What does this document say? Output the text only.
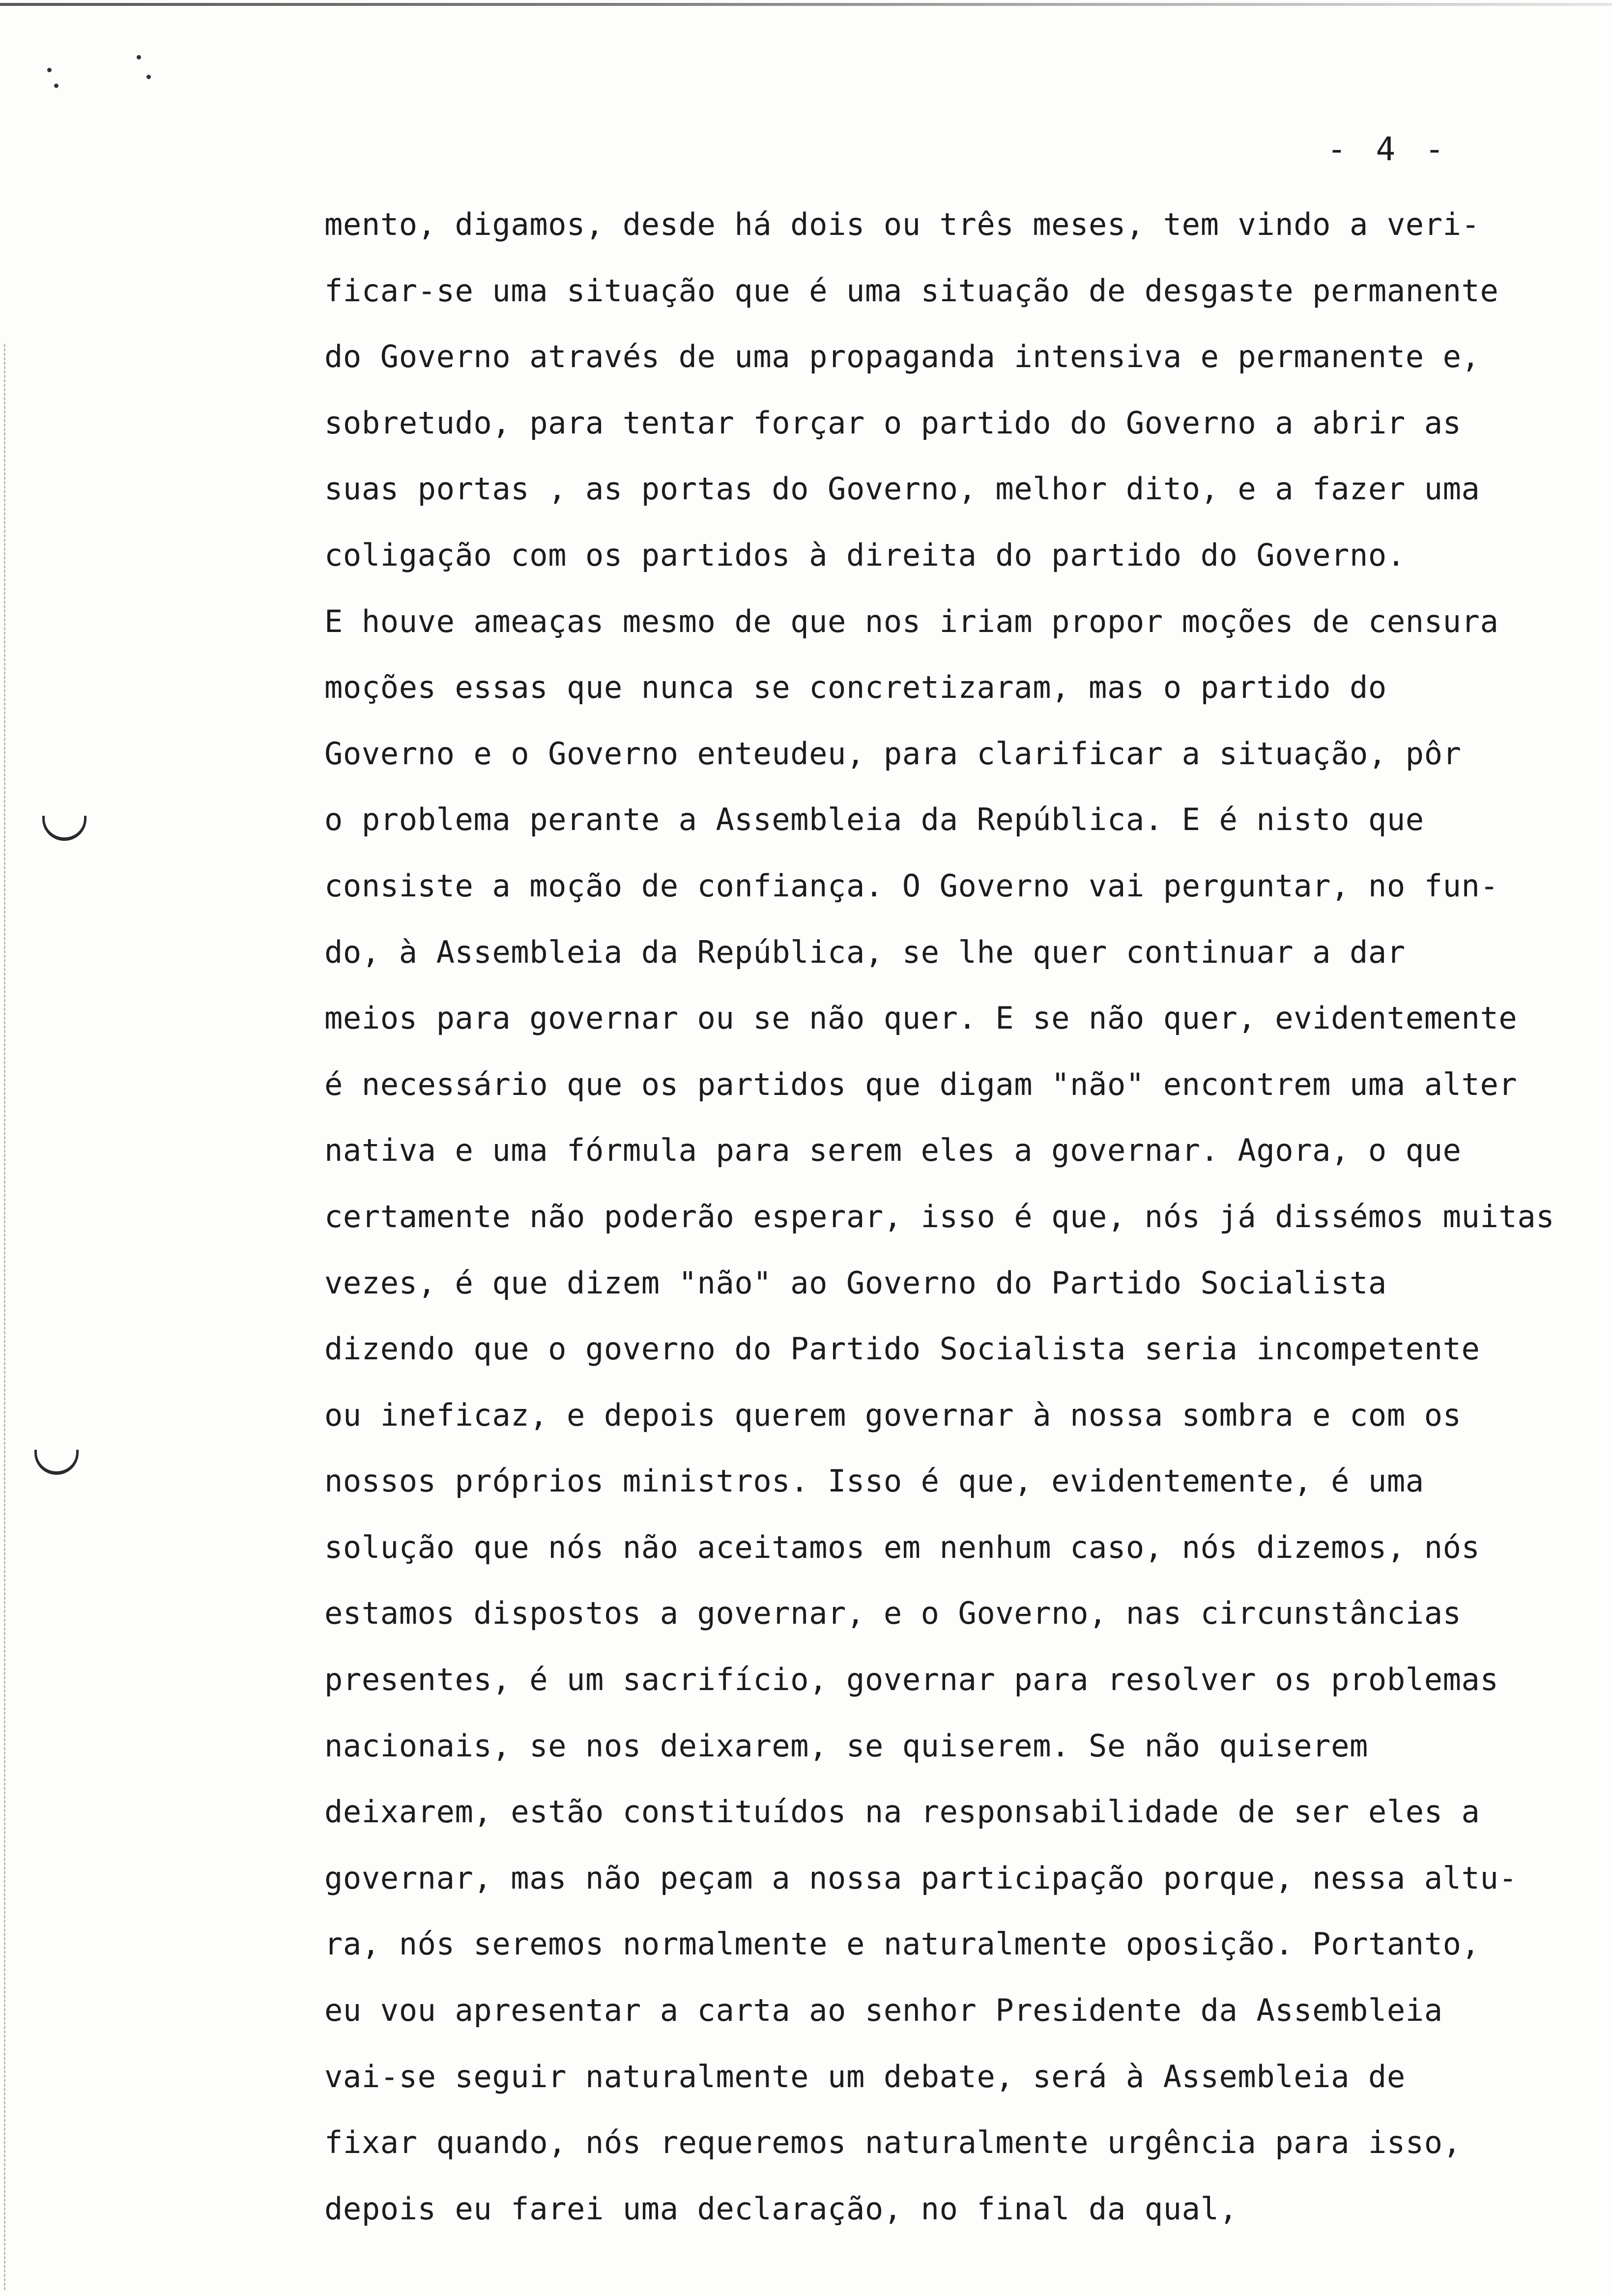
- 4 -
mento, digamos, desde há dois ou três meses, tem vindo a veri-
ficar-se uma situação que é uma situação de desgaste permanente
do Governo através de uma propaganda intensiva e permanente e,
sobretudo, para tentar forçar o partido do Governo a abrir as
suas portas , as portas do Governo, melhor dito, e a fazer uma
coligação com os partidos à direita do partido do Governo.
E houve ameaças mesmo de que nos iriam propor moções de censura
moções essas que nunca se concretizaram, mas o partido do
Governo e o Governo enteudeu, para clarificar a situação, pôr
o problema perante a Assembleia da República. E é nisto que
consiste a moção de confiança. O Governo vai perguntar, no fun-
do, à Assembleia da República, se lhe quer continuar a dar
meios para governar ou se não quer. E se não quer, evidentemente
é necessário que os partidos que digam "não" encontrem uma alter
nativa e uma fórmula para serem eles a governar. Agora, o que
certamente não poderão esperar, isso é que, nós já dissémos muitas
vezes, é que dizem "não" ao Governo do Partido Socialista
dizendo que o governo do Partido Socialista seria incompetente
ou ineficaz, e depois querem governar à nossa sombra e com os
nossos próprios ministros. Isso é que, evidentemente, é uma
solução que nós não aceitamos em nenhum caso, nós dizemos, nós
estamos dispostos a governar, e o Governo, nas circunstâncias
presentes, é um sacrifício, governar para resolver os problemas
nacionais, se nos deixarem, se quiserem. Se não quiserem
deixarem, estão constituídos na responsabilidade de ser eles a
governar, mas não peçam a nossa participação porque, nessa altu-
ra, nós seremos normalmente e naturalmente oposição. Portanto,
eu vou apresentar a carta ao senhor Presidente da Assembleia
vai-se seguir naturalmente um debate, será à Assembleia de
fixar quando, nós requeremos naturalmente urgência para isso,
depois eu farei uma declaração, no final da qual,
